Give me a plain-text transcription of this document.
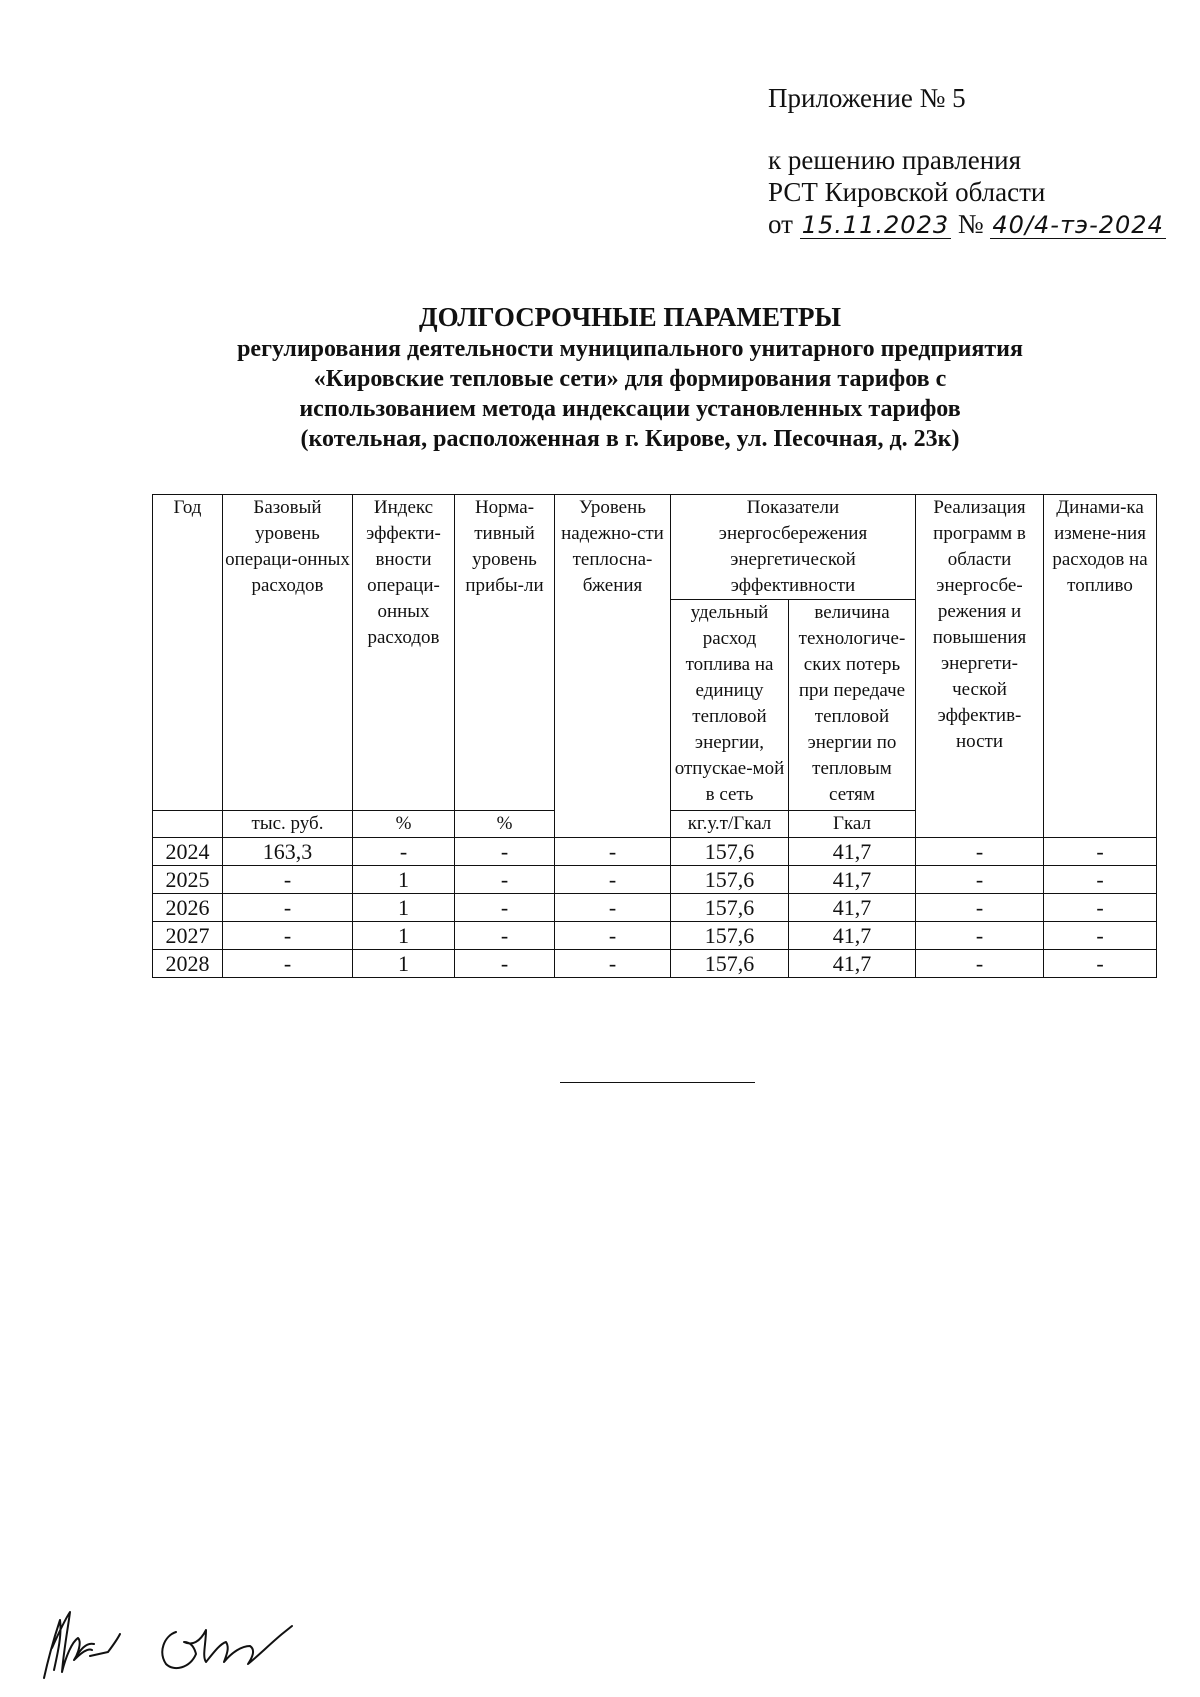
Приложение № 5
к решению правления
РСТ Кировской области
от 15.11.2023 № 40/4-тэ-2024
ДОЛГОСРОЧНЫЕ ПАРАМЕТРЫ
регулирования деятельности муниципального унитарного предприятия
«Кировские тепловые сети» для формирования тарифов с
использованием метода индексации установленных тарифов
(котельная, расположенная в г. Кирове, ул. Песочная, д. 23к)
Год	Базовый уровень операци-онных расходов	Индекс эффекти-вности операци-онных расходов	Норма-тивный уровень прибы-ли	Уровень надежно-сти теплосна-бжения	Показатели энергосбережения энергетической эффективности		Реализация программ в области энергосбе-режения и повышения энергети-ческой эффектив-ности	Динами-ка измене-ния расходов на топливо
					удельный расход топлива на единицу тепловой энергии, отпускае-мой в сеть	величина технологиче-ских потерь при передаче тепловой энергии по тепловым сетям		
	тыс. руб.	%	%		кг.у.т/Гкал	Гкал		
2024	163,3	-	-	-	157,6	41,7	-	-
2025	-	1	-	-	157,6	41,7	-	-
2026	-	1	-	-	157,6	41,7	-	-
2027	-	1	-	-	157,6	41,7	-	-
2028	-	1	-	-	157,6	41,7	-	-
